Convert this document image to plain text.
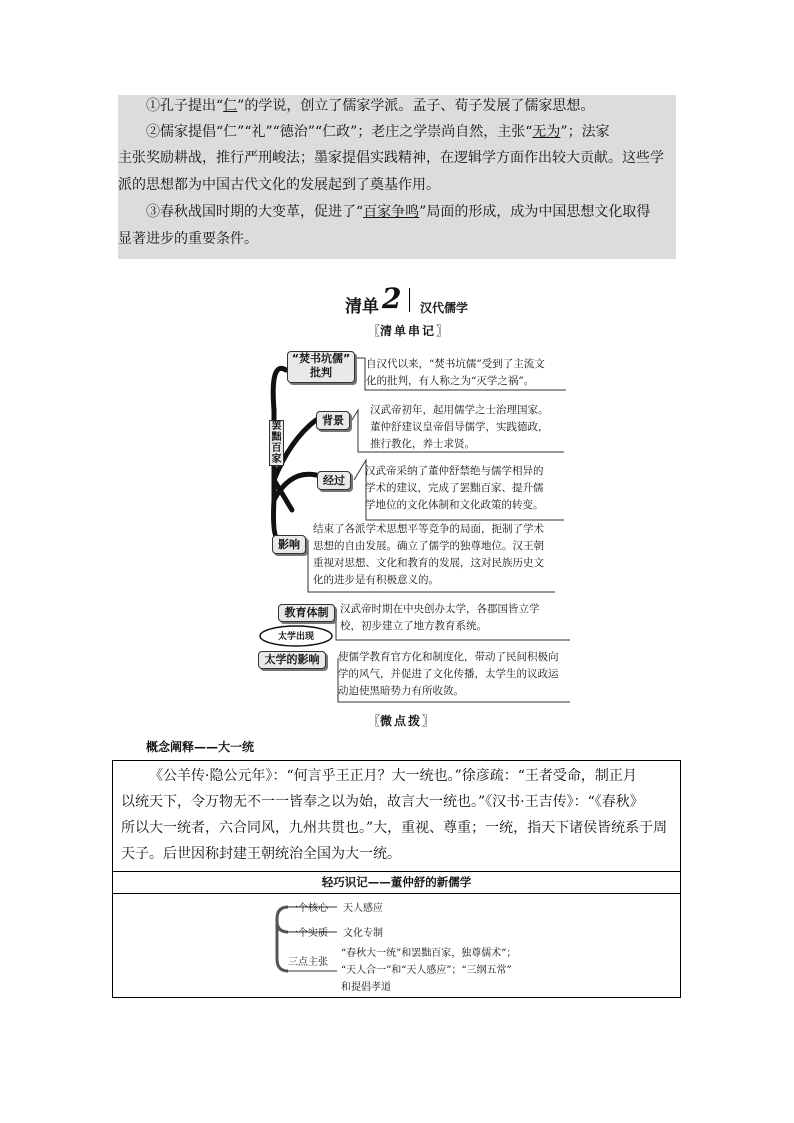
①孔子提出“仁”的学说，创立了儒家学派。孟子、荀子发展了儒家思想。
②儒家提倡“仁”“礼”“德治”“仁政”；老庄之学崇尚自然，主张“无为”；法家
主张奖励耕战，推行严刑峻法；墨家提倡实践精神，在逻辑学方面作出较大贡献。这些学
派的思想都为中国古代文化的发展起到了奠基作用。
③春秋战国时期的大变革，促进了“百家争鸣”局面的形成，成为中国思想文化取得
显著进步的重要条件。
清单 2 汉代儒学
〖清单串记〗
“焚书坑儒”
批判
自汉代以来，“焚书坑儒”受到了主流文
化的批判，有人称之为“灭学之祸”。
罢黜百家
背景
汉武帝初年，起用儒学之士治理国家。
董仲舒建议皇帝倡导儒学，实践德政，
推行教化，养士求贤。
经过
汉武帝采纳了董仲舒禁绝与儒学相异的
学术的建议，完成了罢黜百家、提升儒
学地位的文化体制和文化政策的转变。
影响
结束了各派学术思想平等竞争的局面，扼制了学术
思想的自由发展。确立了儒学的独尊地位。汉王朝
重视对思想、文化和教育的发展，这对民族历史文
化的进步是有积极意义的。
教育体制	汉武帝时期在中央创办太学，各郡国皆立学
校，初步建立了地方教育系统。
太学出现
太学的影响	使儒学教育官方化和制度化，带动了民间积极向
学的风气，并促进了文化传播，太学生的议政运
动迫使黑暗势力有所收敛。
〖微点拨〗
概念阐释——大一统
《公羊传·隐公元年》：“何言乎王正月？大一统也。”徐彦疏：“王者受命，制正月
以统天下，令万物无不一一皆奉之以为始，故言大一统也。”《汉书·王吉传》：“《春秋》
所以大一统者，六合同风，九州共贯也。”大，重视、尊重；一统，指天下诸侯皆统系于周
天子。后世因称封建王朝统治全国为大一统。
轻巧识记——董仲舒的新儒学
一个核心 天人感应
一个实质 文化专制
三点主张
“春秋大一统”和罢黜百家，独尊儒术”；
“天人合一”和“天人感应”；“三纲五常”
和提倡孝道
